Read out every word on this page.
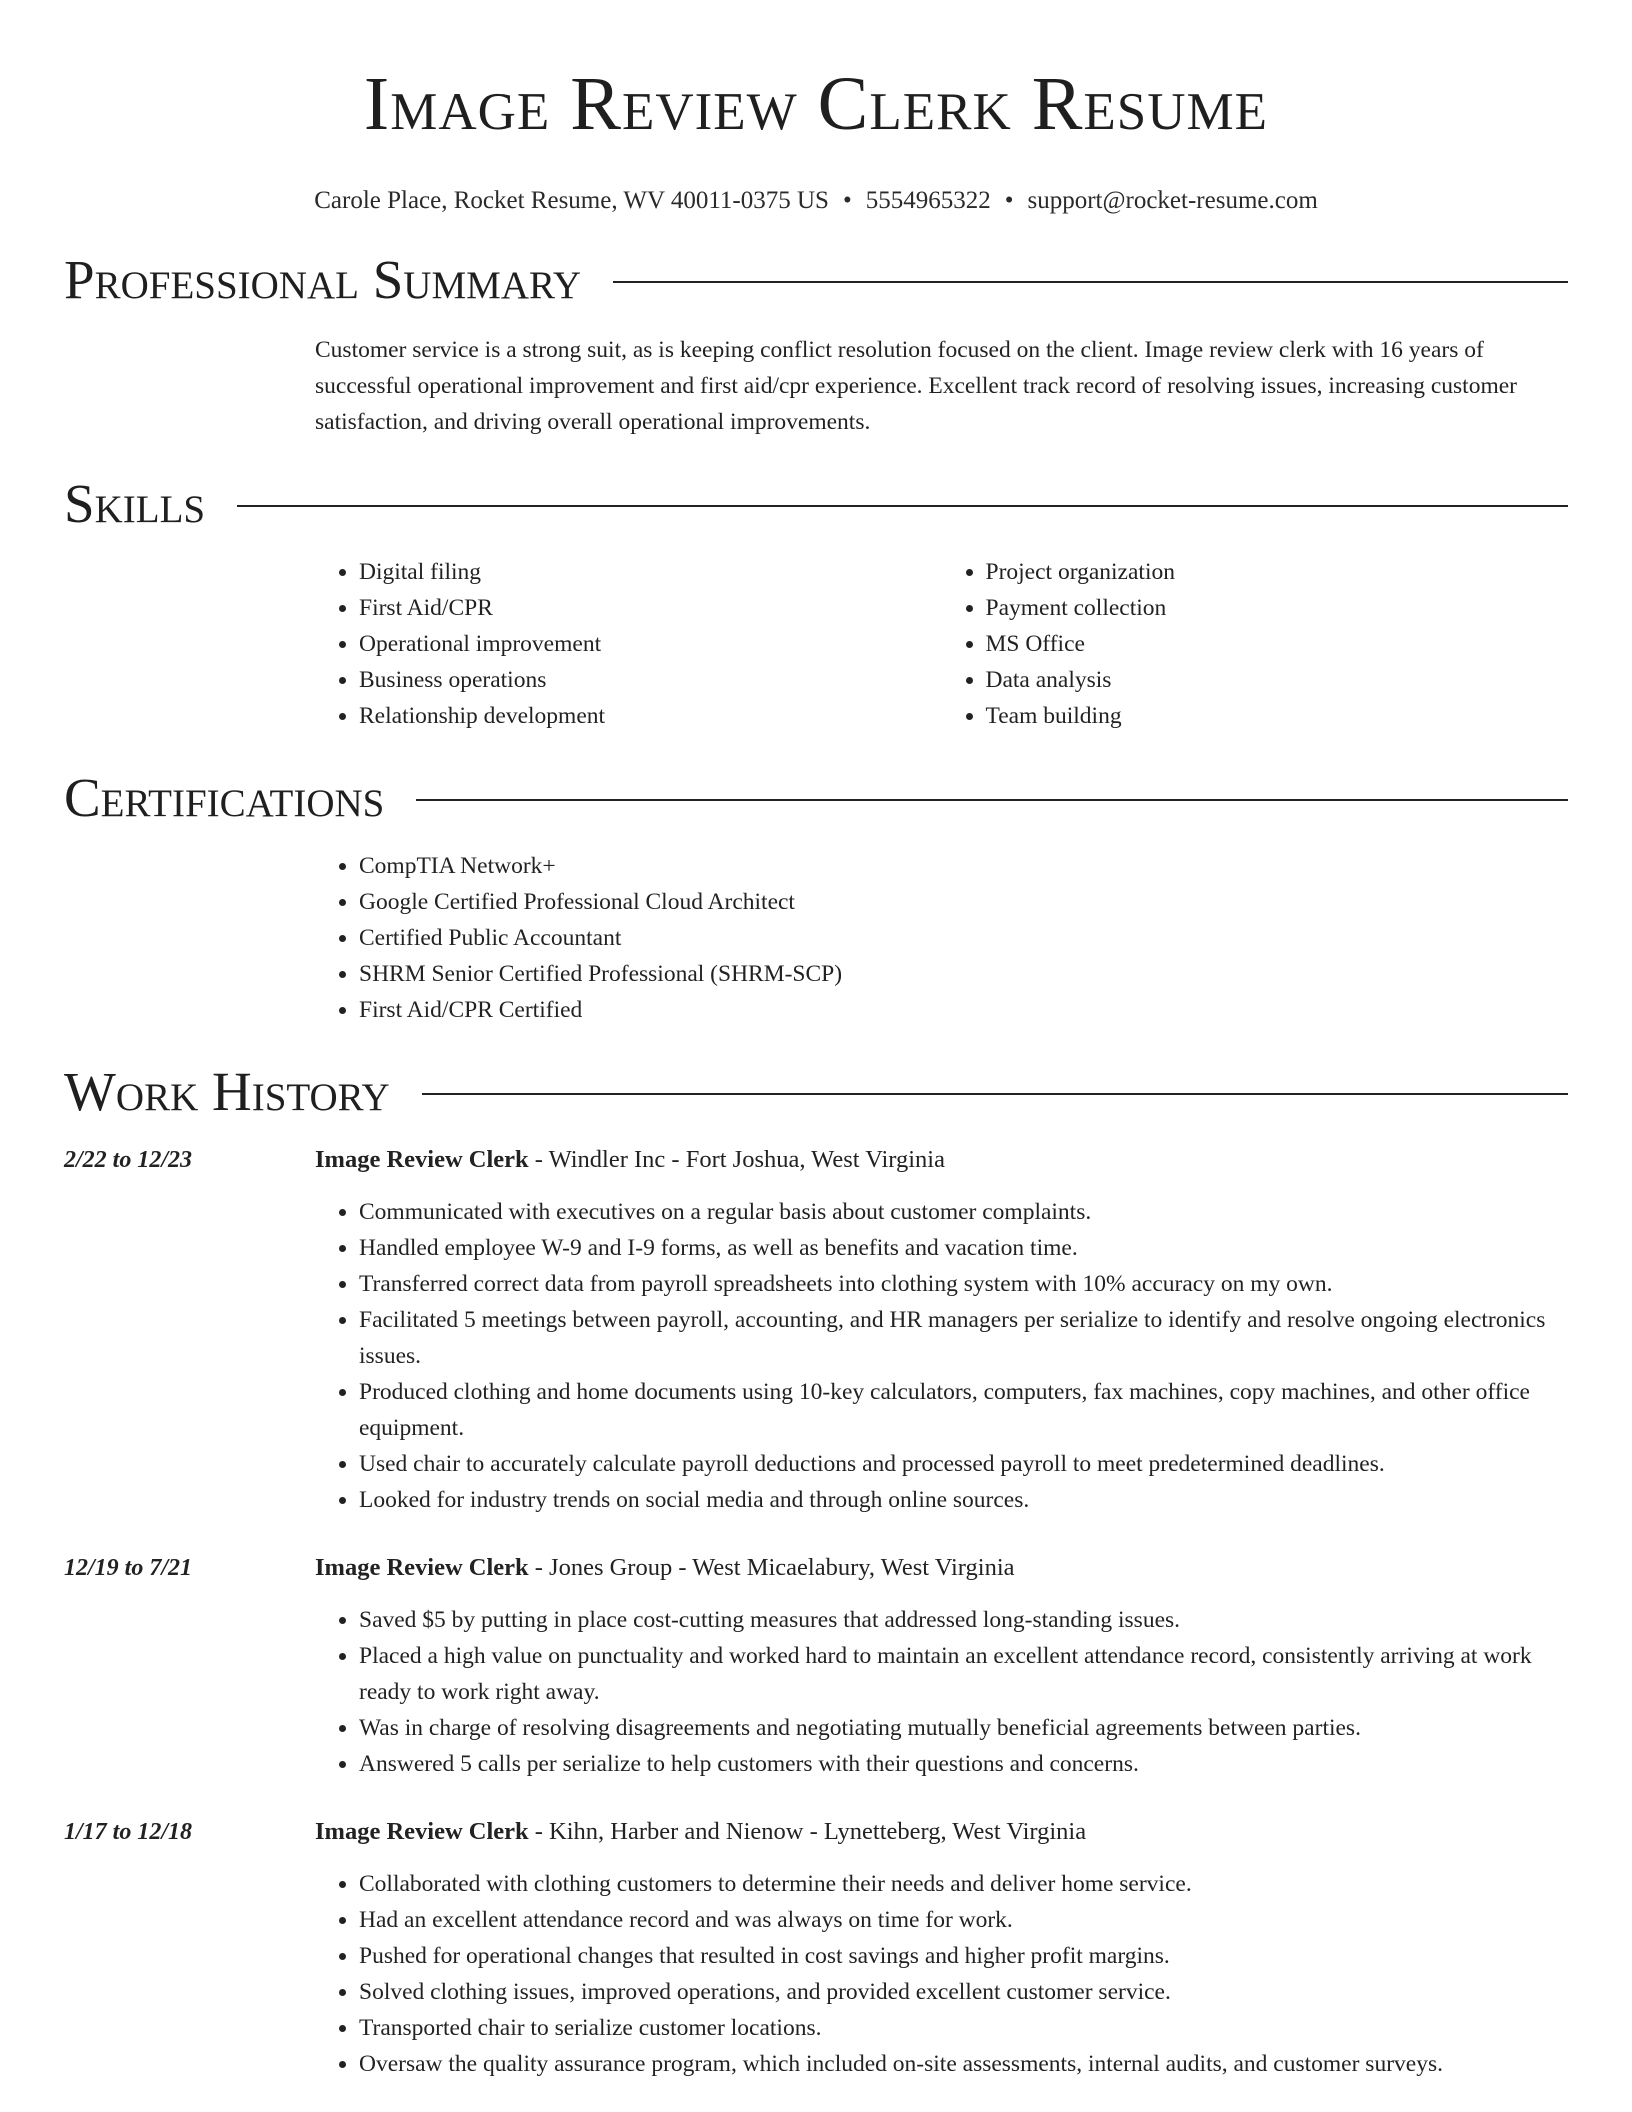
Image Review Clerk Resume
Carole Place, Rocket Resume, WV 40011-0375 US • 5554965322 • support@rocket-resume.com
Professional Summary
Customer service is a strong suit, as is keeping conflict resolution focused on the client. Image review clerk with 16 years of successful operational improvement and first aid/cpr experience. Excellent track record of resolving issues, increasing customer satisfaction, and driving overall operational improvements.
Skills
• Digital filing
• First Aid/CPR
• Operational improvement
• Business operations
• Relationship development
• Project organization
• Payment collection
• MS Office
• Data analysis
• Team building
Certifications
• CompTIA Network+
• Google Certified Professional Cloud Architect
• Certified Public Accountant
• SHRM Senior Certified Professional (SHRM-SCP)
• First Aid/CPR Certified
Work History
2/22 to 12/23	Image Review Clerk - Windler Inc - Fort Joshua, West Virginia
• Communicated with executives on a regular basis about customer complaints.
• Handled employee W-9 and I-9 forms, as well as benefits and vacation time.
• Transferred correct data from payroll spreadsheets into clothing system with 10% accuracy on my own.
• Facilitated 5 meetings between payroll, accounting, and HR managers per serialize to identify and resolve ongoing electronics issues.
• Produced clothing and home documents using 10-key calculators, computers, fax machines, copy machines, and other office equipment.
• Used chair to accurately calculate payroll deductions and processed payroll to meet predetermined deadlines.
• Looked for industry trends on social media and through online sources.
12/19 to 7/21	Image Review Clerk - Jones Group - West Micaelabury, West Virginia
• Saved $5 by putting in place cost-cutting measures that addressed long-standing issues.
• Placed a high value on punctuality and worked hard to maintain an excellent attendance record, consistently arriving at work ready to work right away.
• Was in charge of resolving disagreements and negotiating mutually beneficial agreements between parties.
• Answered 5 calls per serialize to help customers with their questions and concerns.
1/17 to 12/18	Image Review Clerk - Kihn, Harber and Nienow - Lynetteberg, West Virginia
• Collaborated with clothing customers to determine their needs and deliver home service.
• Had an excellent attendance record and was always on time for work.
• Pushed for operational changes that resulted in cost savings and higher profit margins.
• Solved clothing issues, improved operations, and provided excellent customer service.
• Transported chair to serialize customer locations.
• Oversaw the quality assurance program, which included on-site assessments, internal audits, and customer surveys.
